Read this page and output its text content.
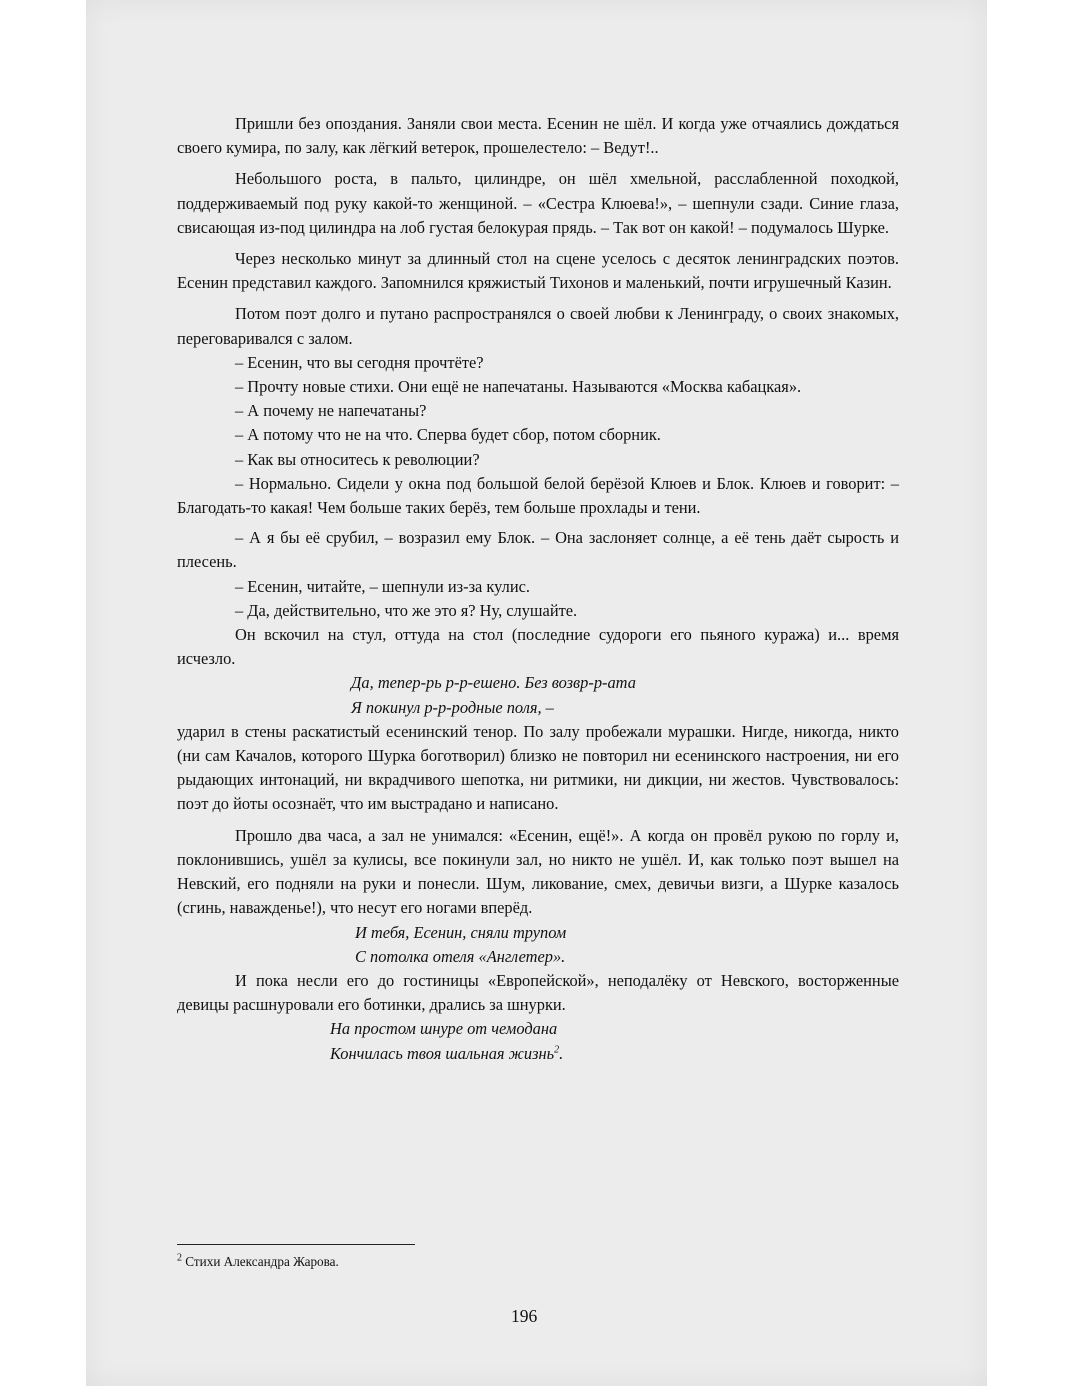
Пришли без опоздания. Заняли свои места. Есенин не шёл. И когда уже отчаялись дождаться своего кумира, по залу, как лёгкий ветерок, прошелестело: – Ведут!..

Небольшого роста, в пальто, цилиндре, он шёл хмельной, расслабленной походкой, поддерживаемый под руку какой-то женщиной. – «Сестра Клюева!», – шепнули сзади. Синие глаза, свисающая из-под цилиндра на лоб густая белокурая прядь. – Так вот он какой! – подумалось Шурке.

Через несколько минут за длинный стол на сцене уселось с десяток ленинградских поэтов. Есенин представил каждого. Запомнился кряжистый Тихонов и маленький, почти игрушечный Казин.

Потом поэт долго и путано распространялся о своей любви к Ленинграду, о своих знакомых, переговаривался с залом.

– Есенин, что вы сегодня прочтёте?

– Прочту новые стихи. Они ещё не напечатаны. Называются «Москва кабацкая».

– А почему не напечатаны?

– А потому что не на что. Сперва будет сбор, потом сборник.

– Как вы относитесь к революции?

– Нормально. Сидели у окна под большой белой берёзой Клюев и Блок. Клюев и говорит: – Благодать-то какая! Чем больше таких берёз, тем больше прохлады и тени.

– А я бы её срубил, – возразил ему Блок. – Она заслоняет солнце, а её тень даёт сырость и плесень.

– Есенин, читайте, – шепнули из-за кулис.

– Да, действительно, что же это я? Ну, слушайте.

Он вскочил на стул, оттуда на стол (последние судороги его пьяного куража) и... время исчезло.

Да, тепер-рь р-р-ешено. Без возвр-р-ата
Я покинул р-р-родные поля, –

ударил в стены раскатистый есенинский тенор. По залу пробежали мурашки. Нигде, никогда, никто (ни сам Качалов, которого Шурка боготворил) близко не повторил ни есенинского настроения, ни его рыдающих интонаций, ни вкрадчивого шепотка, ни ритмики, ни дикции, ни жестов. Чувствовалось: поэт до йоты осознаёт, что им выстрадано и написано.

Прошло два часа, а зал не унимался: «Есенин, ещё!». А когда он провёл рукою по горлу и, поклонившись, ушёл за кулисы, все покинули зал, но никто не ушёл. И, как только поэт вышел на Невский, его подняли на руки и понесли. Шум, ликование, смех, девичьи визги, а Шурке казалось (сгинь, наважденье!), что несут его ногами вперёд.

И тебя, Есенин, сняли трупом
С потолка отеля «Англетер».

И пока несли его до гостиницы «Европейской», неподалёку от Невского, восторженные девицы расшнуровали его ботинки, дрались за шнурки.

На простом шнуре от чемодана
Кончилась твоя шальная жизнь$^2$.

$^2$ Стихи Александра Жарова.
196
